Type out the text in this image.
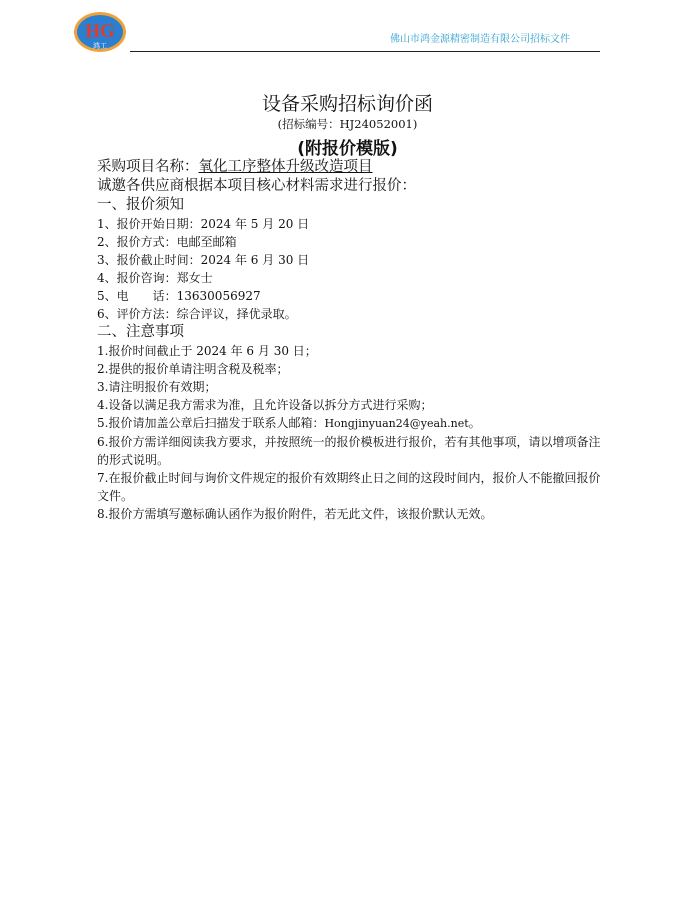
HG
鸿工
佛山市鸿金源精密制造有限公司招标文件
设备采购招标询价函
(招标编号：HJ24052001)
(附报价模版)
采购项目名称：氧化工序整体升级改造项目
诚邀各供应商根据本项目核心材料需求进行报价：
一、报价须知
1、报价开始日期：2024 年 5 月 20 日
2、报价方式：电邮至邮箱
3、报价截止时间：2024 年 6 月 30 日
4、报价咨询：郑女士
5、电　　话：13630056927
6、评价方法：综合评议，择优录取。
二、注意事项
1.报价时间截止于 2024 年 6 月 30 日；
2.提供的报价单请注明含税及税率；
3.请注明报价有效期；
4.设备以满足我方需求为准，且允许设备以拆分方式进行采购；
5.报价请加盖公章后扫描发于联系人邮箱：Hongjinyuan24@yeah.net。
6.报价方需详细阅读我方要求，并按照统一的报价模板进行报价，若有其他事项，请以增项备注的形式说明。
7.在报价截止时间与询价文件规定的报价有效期终止日之间的这段时间内，报价人不能撤回报价文件。
8.报价方需填写邀标确认函作为报价附件，若无此文件，该报价默认无效。
